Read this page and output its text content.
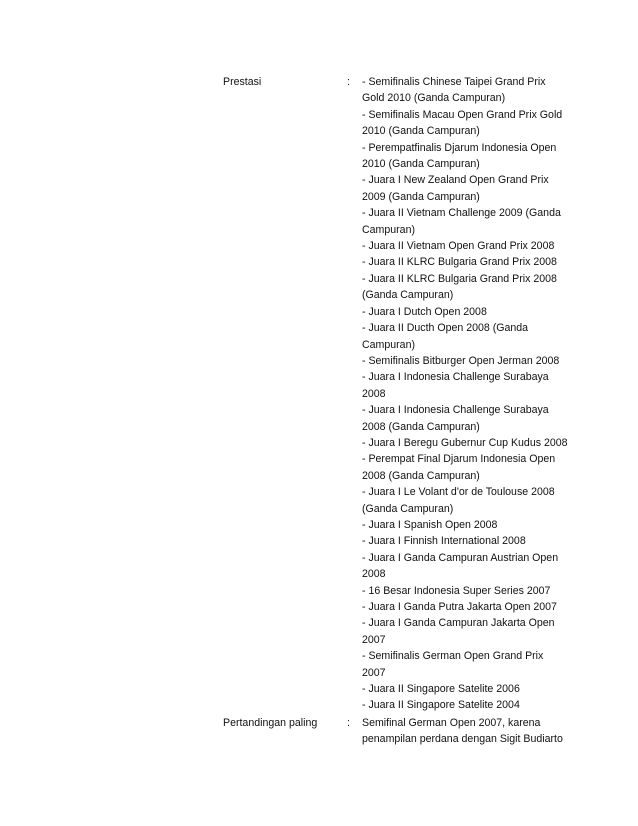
Prestasi	: - Semifinalis Chinese Taipei Grand Prix
Gold 2010 (Ganda Campuran)
- Semifinalis Macau Open Grand Prix Gold
2010 (Ganda Campuran)
- Perempatfinalis Djarum Indonesia Open
2010 (Ganda Campuran)
- Juara I New Zealand Open Grand Prix
2009 (Ganda Campuran)
- Juara II Vietnam Challenge 2009 (Ganda
Campuran)
- Juara II Vietnam Open Grand Prix 2008
- Juara II KLRC Bulgaria Grand Prix 2008
- Juara II KLRC Bulgaria Grand Prix 2008
(Ganda Campuran)
- Juara I Dutch Open 2008
- Juara II Ducth Open 2008 (Ganda
Campuran)
- Semifinalis Bitburger Open Jerman 2008
- Juara I Indonesia Challenge Surabaya
2008
- Juara I Indonesia Challenge Surabaya
2008 (Ganda Campuran)
- Juara I Beregu Gubernur Cup Kudus 2008
- Perempat Final Djarum Indonesia Open
2008 (Ganda Campuran)
- Juara I Le Volant d'or de Toulouse 2008
(Ganda Campuran)
- Juara I Spanish Open 2008
- Juara I Finnish International 2008
- Juara I Ganda Campuran Austrian Open
2008
- 16 Besar Indonesia Super Series 2007
- Juara I Ganda Putra Jakarta Open 2007
- Juara I Ganda Campuran Jakarta Open
2007
- Semifinalis German Open Grand Prix
2007
- Juara II Singapore Satelite 2006
- Juara II Singapore Satelite 2004
Pertandingan paling	: Semifinal German Open 2007, karena
penampilan perdana dengan Sigit Budiarto
